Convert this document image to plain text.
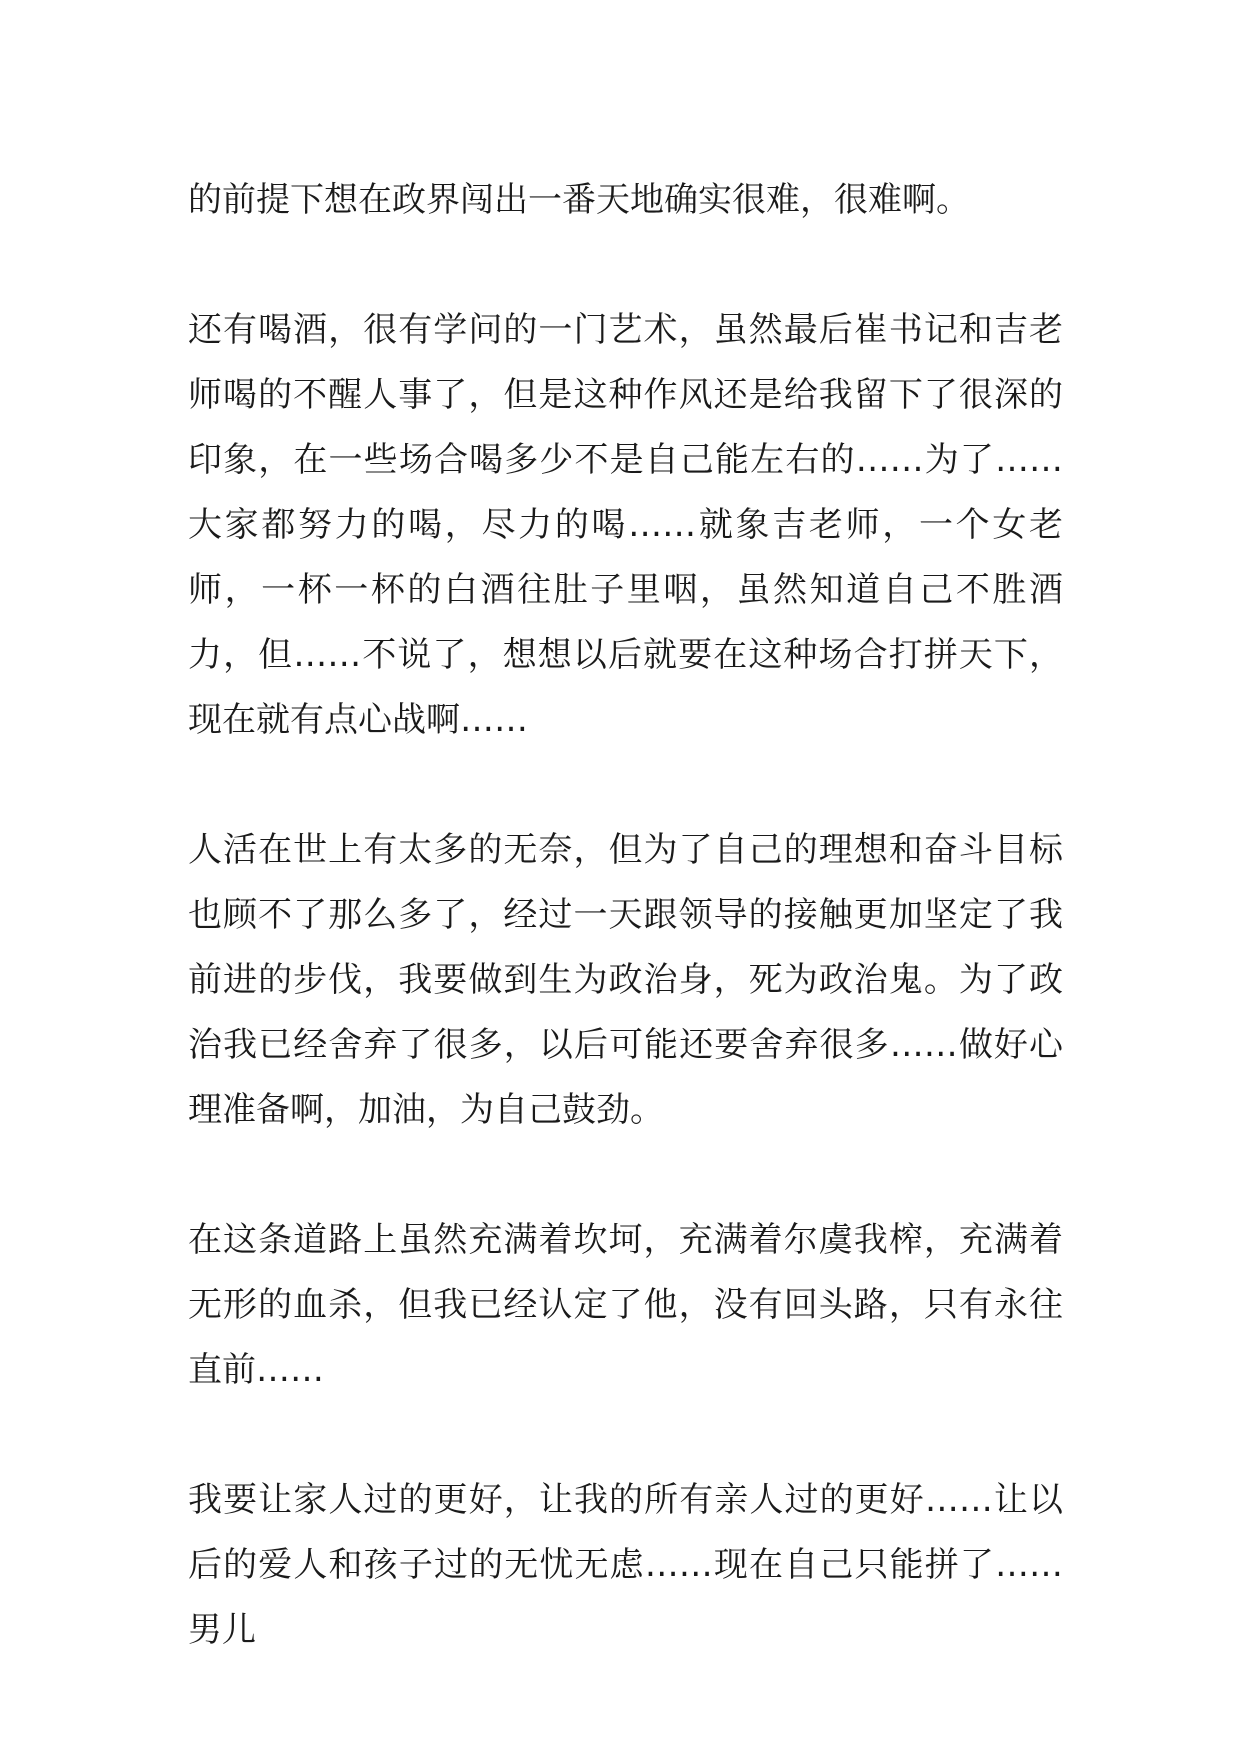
的前提下想在政界闯出一番天地确实很难，很难啊。

还有喝酒，很有学问的一门艺术，虽然最后崔书记和吉老师喝的不醒人事了，但是这种作风还是给我留下了很深的印象，在一些场合喝多少不是自己能左右的……为了……大家都努力的喝，尽力的喝……就象吉老师，一个女老师，一杯一杯的白酒往肚子里咽，虽然知道自己不胜酒力，但……不说了，想想以后就要在这种场合打拼天下，现在就有点心战啊……

人活在世上有太多的无奈，但为了自己的理想和奋斗目标也顾不了那么多了，经过一天跟领导的接触更加坚定了我前进的步伐，我要做到生为政治身，死为政治鬼。为了政治我已经舍弃了很多，以后可能还要舍弃很多……做好心理准备啊，加油，为自己鼓劲。

在这条道路上虽然充满着坎坷，充满着尔虞我榨，充满着无形的血杀，但我已经认定了他，没有回头路，只有永往直前……

我要让家人过的更好，让我的所有亲人过的更好……让以后的爱人和孩子过的无忧无虑……现在自己只能拼了……男儿
